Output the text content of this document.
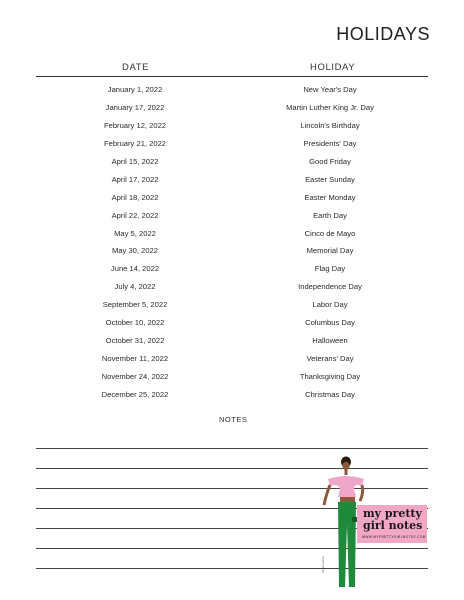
HOLIDAYS
DATE	HOLIDAY
January 1, 2022	New Year's Day
January 17, 2022	Martin Luther King Jr. Day
February 12, 2022	Lincoln's Birthday
February 21, 2022	Presidents' Day
April 15, 2022	Good Friday
April 17, 2022	Easter Sunday
April 18, 2022	Easter Monday
April 22, 2022	Earth Day
May 5, 2022	Cinco de Mayo
May 30, 2022	Memorial Day
June 14, 2022	Flag Day
July 4, 2022	Independence Day
September 5, 2022	Labor Day
October 10, 2022	Columbus Day
October 31, 2022	Halloween
November 11, 2022	Veterans' Day
November 24, 2022	Thanksgiving Day
December 25, 2022	Christmas Day
NOTES
illustration
my pretty
girl notes
WWW.MYPRETTYGIRLNOTES.COM
